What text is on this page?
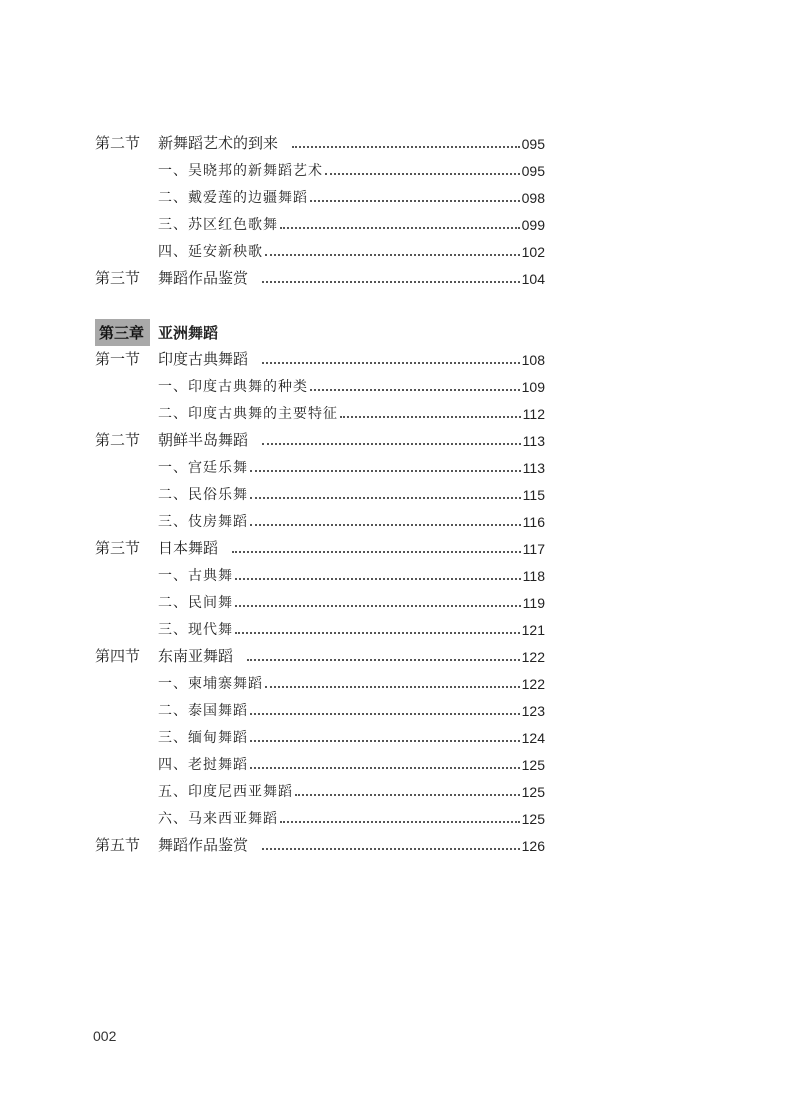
第二节	新舞蹈艺术的到来	095
一、吴晓邦的新舞蹈艺术	095
二、戴爱莲的边疆舞蹈	098
三、苏区红色歌舞	099
四、延安新秧歌	102
第三节	舞蹈作品鉴赏	104
第三章 亚洲舞蹈
第一节	印度古典舞蹈	108
一、印度古典舞的种类	109
二、印度古典舞的主要特征	112
第二节	朝鲜半岛舞蹈	113
一、宫廷乐舞	113
二、民俗乐舞	115
三、伎房舞蹈	116
第三节	日本舞蹈	117
一、古典舞	118
二、民间舞	119
三、现代舞	121
第四节	东南亚舞蹈	122
一、柬埔寨舞蹈	122
二、泰国舞蹈	123
三、缅甸舞蹈	124
四、老挝舞蹈	125
五、印度尼西亚舞蹈	125
六、马来西亚舞蹈	125
第五节	舞蹈作品鉴赏	126
002
